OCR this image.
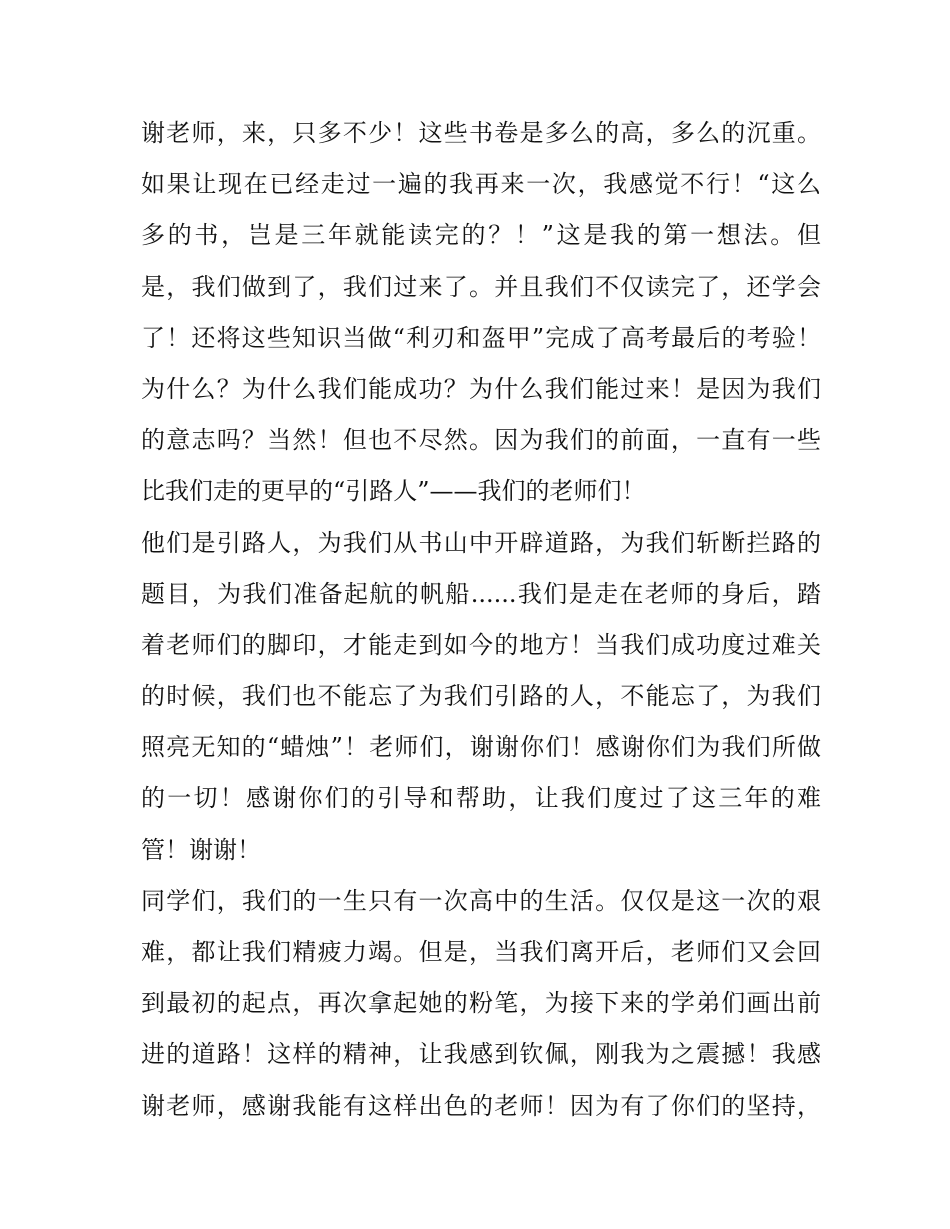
谢老师，来，只多不少！这些书卷是多么的高，多么的沉重。
如果让现在已经走过一遍的我再来一次，我感觉不行！“这么
多的书，岂是三年就能读完的？！”这是我的第一想法。但
是，我们做到了，我们过来了。并且我们不仅读完了，还学会
了！还将这些知识当做“利刃和盔甲”完成了高考最后的考验！
为什么？为什么我们能成功？为什么我们能过来！是因为我们
的意志吗？当然！但也不尽然。因为我们的前面，一直有一些
比我们走的更早的“引路人”——我们的老师们！
他们是引路人，为我们从书山中开辟道路，为我们斩断拦路的
题目，为我们准备起航的帆船......我们是走在老师的身后，踏
着老师们的脚印，才能走到如今的地方！当我们成功度过难关
的时候，我们也不能忘了为我们引路的人，不能忘了，为我们
照亮无知的“蜡烛”！老师们，谢谢你们！感谢你们为我们所做
的一切！感谢你们的引导和帮助，让我们度过了这三年的难
管！谢谢！
同学们，我们的一生只有一次高中的生活。仅仅是这一次的艰
难，都让我们精疲力竭。但是，当我们离开后，老师们又会回
到最初的起点，再次拿起她的粉笔，为接下来的学弟们画出前
进的道路！这样的精神，让我感到钦佩，刚我为之震撼！我感
谢老师，感谢我能有这样出色的老师！因为有了你们的坚持，
